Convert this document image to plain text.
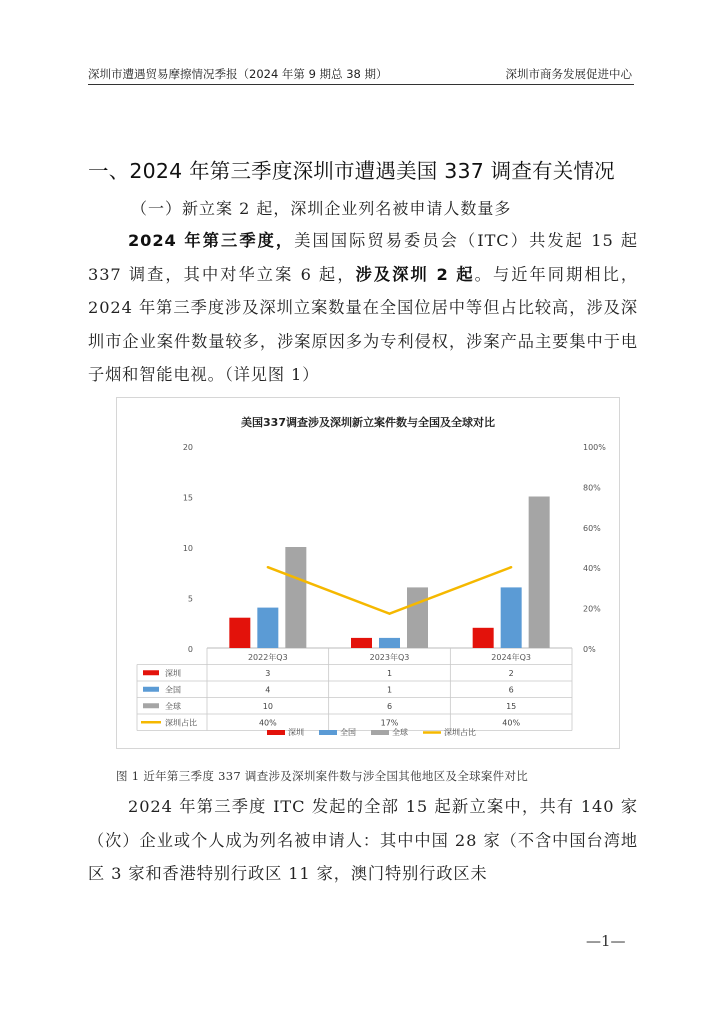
深圳市遭遇贸易摩擦情况季报（2024 年第 9 期总 38 期）	深圳市商务发展促进中心
一、2024 年第三季度深圳市遭遇美国 337 调查有关情况
（一）新立案 2 起，深圳企业列名被申请人数量多
2024 年第三季度，美国国际贸易委员会（ITC）共发起 15 起 337 调查，其中对华立案 6 起，涉及深圳 2 起。与近年同期相比，2024 年第三季度涉及深圳立案数量在全国位居中等但占比较高，涉及深圳市企业案件数量较多，涉案原因多为专利侵权，涉案产品主要集中于电子烟和智能电视。（详见图 1）
美国337调查涉及深圳新立案件数与全国及全球对比
0
5
10
15
20
0%
20%
40%
60%
80%
100%
2022年Q3	2023年Q3	2024年Q3
深圳	3	1	2
全国	4	1	6
全球	10	6	15
深圳占比	40%	17%	40%
深圳	全国	全球	深圳占比
图 1 近年第三季度 337 调查涉及深圳案件数与涉全国其他地区及全球案件对比
2024 年第三季度 ITC 发起的全部 15 起新立案中，共有 140 家（次）企业或个人成为列名被申请人：其中中国 28 家（不含中国台湾地区 3 家和香港特别行政区 11 家，澳门特别行政区未
—1—
